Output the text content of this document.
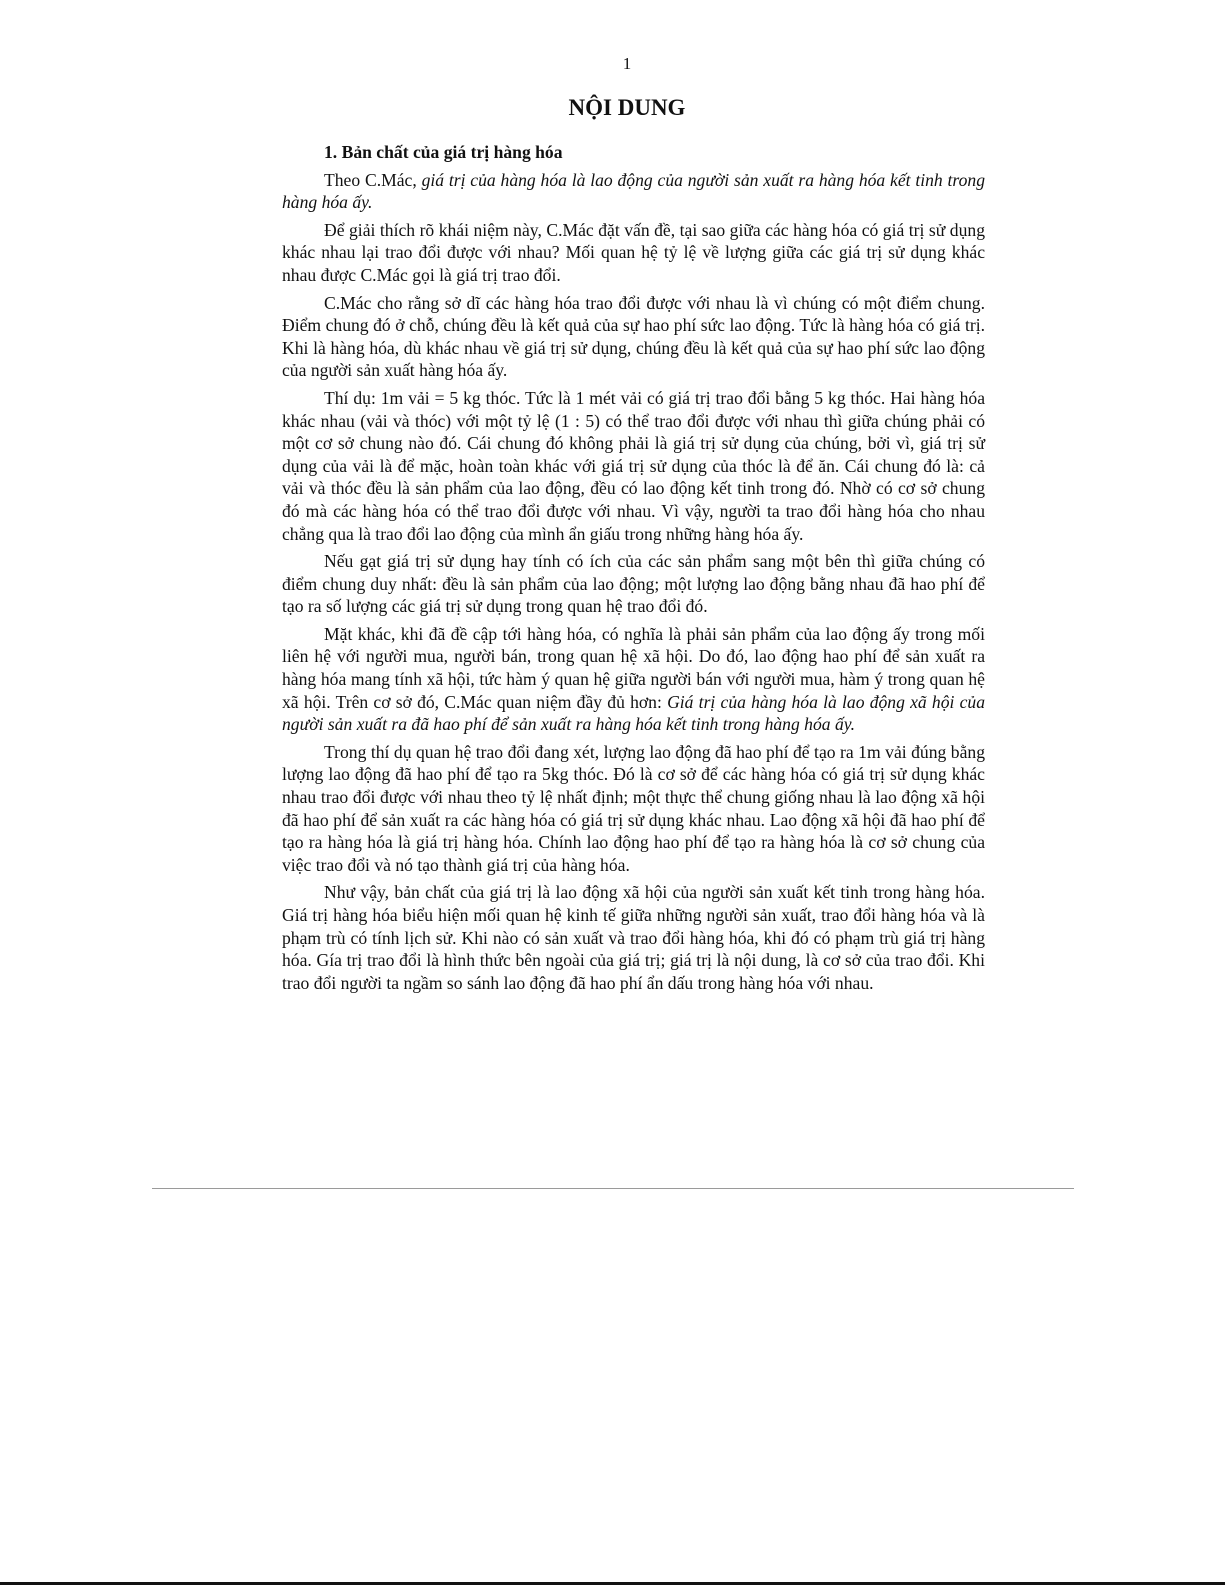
1
NỘI DUNG

1. Bản chất của giá trị hàng hóa

Theo C.Mác, giá trị của hàng hóa là lao động của người sản xuất ra hàng hóa kết tinh trong hàng hóa ấy.

Để giải thích rõ khái niệm này, C.Mác đặt vấn đề, tại sao giữa các hàng hóa có giá trị sử dụng khác nhau lại trao đổi được với nhau? Mối quan hệ tỷ lệ về lượng giữa các giá trị sử dụng khác nhau được C.Mác gọi là giá trị trao đổi.

C.Mác cho rằng sở dĩ các hàng hóa trao đổi được với nhau là vì chúng có một điểm chung. Điểm chung đó ở chỗ, chúng đều là kết quả của sự hao phí sức lao động. Tức là hàng hóa có giá trị. Khi là hàng hóa, dù khác nhau về giá trị sử dụng, chúng đều là kết quả của sự hao phí sức lao động của người sản xuất hàng hóa ấy.

Thí dụ: 1m vải = 5 kg thóc. Tức là 1 mét vải có giá trị trao đổi bằng 5 kg thóc. Hai hàng hóa khác nhau (vải và thóc) với một tỷ lệ (1 : 5) có thể trao đổi được với nhau thì giữa chúng phải có một cơ sở chung nào đó. Cái chung đó không phải là giá trị sử dụng của chúng, bởi vì, giá trị sử dụng của vải là để mặc, hoàn toàn khác với giá trị sử dụng của thóc là để ăn. Cái chung đó là: cả vải và thóc đều là sản phẩm của lao động, đều có lao động kết tinh trong đó. Nhờ có cơ sở chung đó mà các hàng hóa có thể trao đổi được với nhau. Vì vậy, người ta trao đổi hàng hóa cho nhau chẳng qua là trao đổi lao động của mình ẩn giấu trong những hàng hóa ấy.

Nếu gạt giá trị sử dụng hay tính có ích của các sản phẩm sang một bên thì giữa chúng có điểm chung duy nhất: đều là sản phẩm của lao động; một lượng lao động bằng nhau đã hao phí để tạo ra số lượng các giá trị sử dụng trong quan hệ trao đổi đó.

Mặt khác, khi đã đề cập tới hàng hóa, có nghĩa là phải sản phẩm của lao động ấy trong mối liên hệ với người mua, người bán, trong quan hệ xã hội. Do đó, lao động hao phí để sản xuất ra hàng hóa mang tính xã hội, tức hàm ý quan hệ giữa người bán với người mua, hàm ý trong quan hệ xã hội. Trên cơ sở đó, C.Mác quan niệm đầy đủ hơn: Giá trị của hàng hóa là lao động xã hội của người sản xuất ra đã hao phí để sản xuất ra hàng hóa kết tinh trong hàng hóa ấy.

Trong thí dụ quan hệ trao đổi đang xét, lượng lao động đã hao phí để tạo ra 1m vải đúng bằng lượng lao động đã hao phí để tạo ra 5kg thóc. Đó là cơ sở để các hàng hóa có giá trị sử dụng khác nhau trao đổi được với nhau theo tỷ lệ nhất định; một thực thể chung giống nhau là lao động xã hội đã hao phí để sản xuất ra các hàng hóa có giá trị sử dụng khác nhau. Lao động xã hội đã hao phí để tạo ra hàng hóa là giá trị hàng hóa. Chính lao động hao phí để tạo ra hàng hóa là cơ sở chung của việc trao đổi và nó tạo thành giá trị của hàng hóa.

Như vậy, bản chất của giá trị là lao động xã hội của người sản xuất kết tinh trong hàng hóa. Giá trị hàng hóa biểu hiện mối quan hệ kinh tế giữa những người sản xuất, trao đổi hàng hóa và là phạm trù có tính lịch sử. Khi nào có sản xuất và trao đổi hàng hóa, khi đó có phạm trù giá trị hàng hóa. Gía trị trao đổi là hình thức bên ngoài của giá trị; giá trị là nội dung, là cơ sở của trao đổi. Khi trao đổi người ta ngầm so sánh lao động đã hao phí ẩn dấu trong hàng hóa với nhau.
